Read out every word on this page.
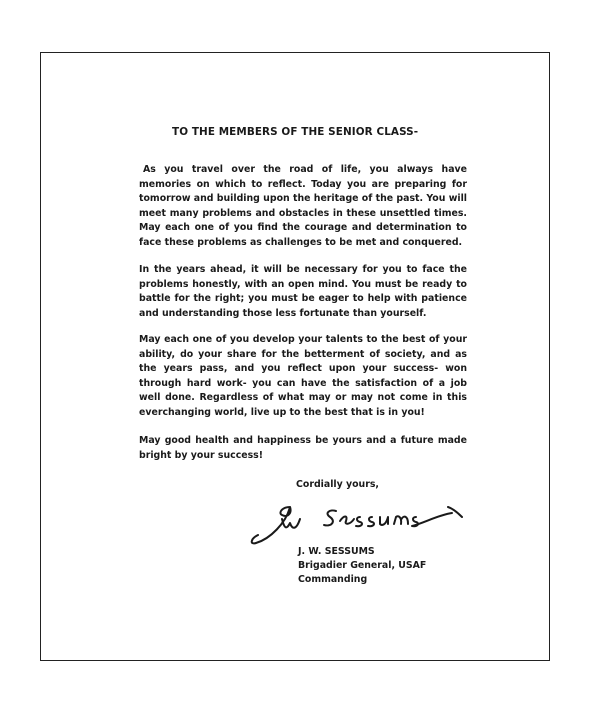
TO THE MEMBERS OF THE SENIOR CLASS-

As you travel over the road of life, you always have memories on which to reflect. Today you are preparing for tomorrow and building upon the heritage of the past. You will meet many problems and obstacles in these unsettled times. May each one of you find the courage and determination to face these problems as challenges to be met and conquered.

In the years ahead, it will be necessary for you to face the problems honestly, with an open mind. You must be ready to battle for the right; you must be eager to help with patience and understanding those less fortunate than yourself.

May each one of you develop your talents to the best of your ability, do your share for the betterment of society, and as the years pass, and you reflect upon your success- won through hard work- you can have the satisfaction of a job well done. Regardless of what may or may not come in this everchanging world, live up to the best that is in you!

May good health and happiness be yours and a future made bright by your success!

Cordially yours,

J. W. SESSUMS
Brigadier General, USAF
Commanding
